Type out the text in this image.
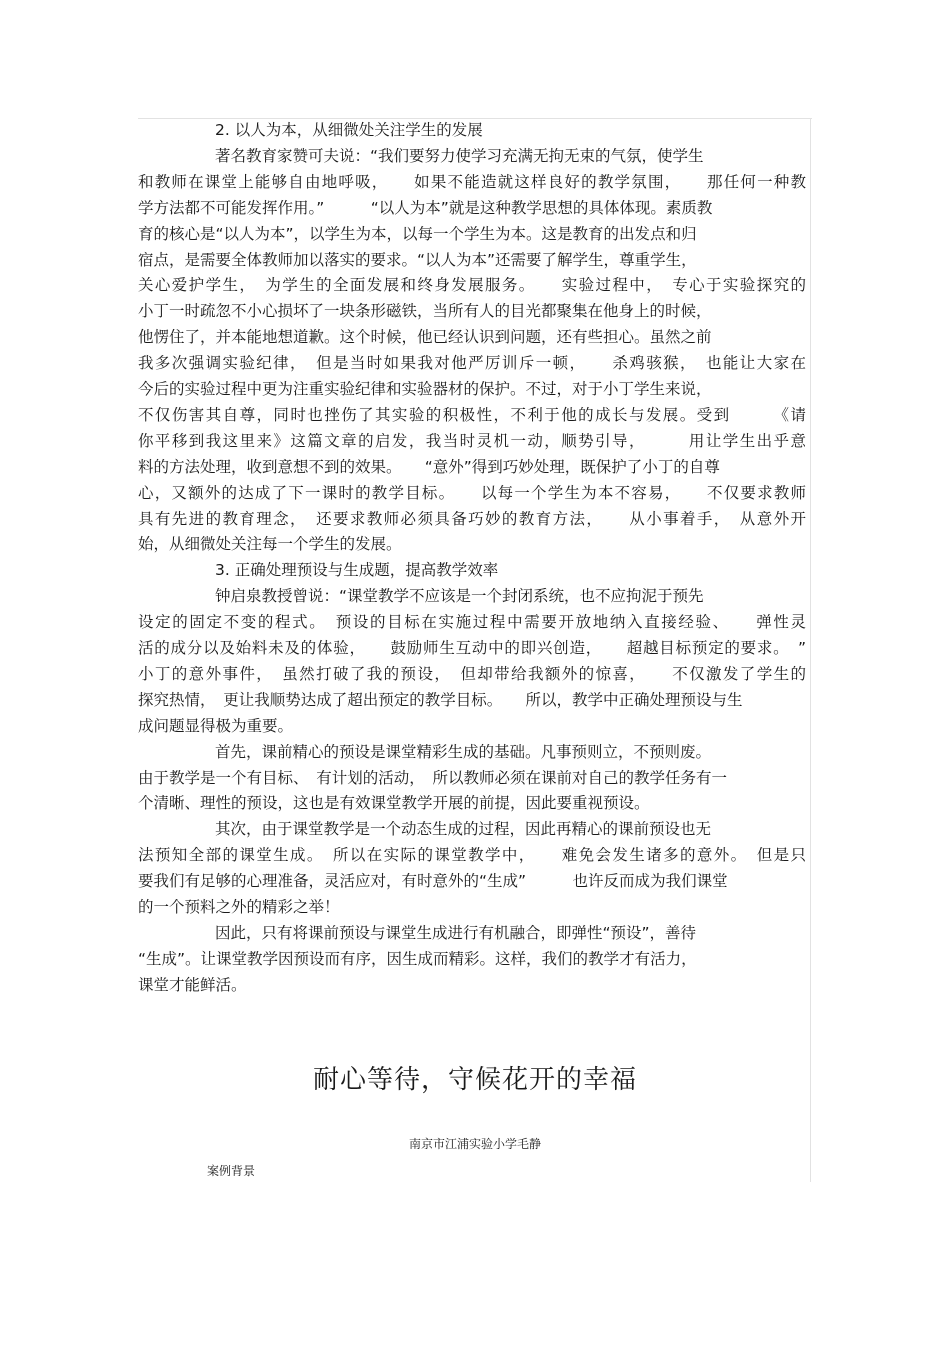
2. 以人为本，从细微处关注学生的发展
著名教育家赞可夫说：“我们要努力使学习充满无拘无束的气氛，使学生
和教师在课堂上能够自由地呼吸，　　如果不能造就这样良好的教学氛围，　　那任何一种教
学方法都不可能发挥作用。”　　　“以人为本”就是这种教学思想的具体体现。素质教
育的核心是“以人为本”，以学生为本，以每一个学生为本。这是教育的出发点和归
宿点，是需要全体教师加以落实的要求。“以人为本”还需要了解学生，尊重学生，
关心爱护学生，　为学生的全面发展和终身发展服务。　　实验过程中，　专心于实验探究的
小丁一时疏忽不小心损坏了一块条形磁铁，当所有人的目光都聚集在他身上的时候，
他愣住了，并本能地想道歉。这个时候，他已经认识到问题，还有些担心。虽然之前
我多次强调实验纪律，　但是当时如果我对他严厉训斥一顿，　　杀鸡骇猴，　也能让大家在
今后的实验过程中更为注重实验纪律和实验器材的保护。不过，对于小丁学生来说，
不仅伤害其自尊，同时也挫伤了其实验的积极性，不利于他的成长与发展。受到　　　《请
你平移到我这里来》这篇文章的启发，我当时灵机一动，顺势引导，　　　用让学生出乎意
料的方法处理，收到意想不到的效果。　　“意外”得到巧妙处理，既保护了小丁的自尊
心，又额外的达成了下一课时的教学目标。　　以每一个学生为本不容易，　　不仅要求教师
具有先进的教育理念，　还要求教师必须具备巧妙的教育方法，　　从小事着手，　从意外开
始，从细微处关注每一个学生的发展。
3. 正确处理预设与生成题，提高教学效率
钟启泉教授曾说：“课堂教学不应该是一个封闭系统，也不应拘泥于预先
设定的固定不变的程式。　预设的目标在实施过程中需要开放地纳入直接经验、　　弹性灵
活的成分以及始料未及的体验，　　鼓励师生互动中的即兴创造，　　超越目标预定的要求。　”
小丁的意外事件，　虽然打破了我的预设，　但却带给我额外的惊喜，　　不仅激发了学生的
探究热情，　更让我顺势达成了超出预定的教学目标。　　所以，教学中正确处理预设与生
成问题显得极为重要。
首先，课前精心的预设是课堂精彩生成的基础。凡事预则立，不预则废。
由于教学是一个有目标、　有计划的活动，　所以教师必须在课前对自己的教学任务有一
个清晰、理性的预设，这也是有效课堂教学开展的前提，因此要重视预设。
其次，由于课堂教学是一个动态生成的过程，因此再精心的课前预设也无
法预知全部的课堂生成。　所以在实际的课堂教学中，　　难免会发生诸多的意外。　但是只
要我们有足够的心理准备，灵活应对，有时意外的“生成”　　　也许反而成为我们课堂
的一个预料之外的精彩之举！
因此，只有将课前预设与课堂生成进行有机融合，即弹性“预设”，善待
“生成”。让课堂教学因预设而有序，因生成而精彩。这样，我们的教学才有活力，
课堂才能鲜活。
耐心等待，守候花开的幸福
南京市江浦实验小学毛静
案例背景
